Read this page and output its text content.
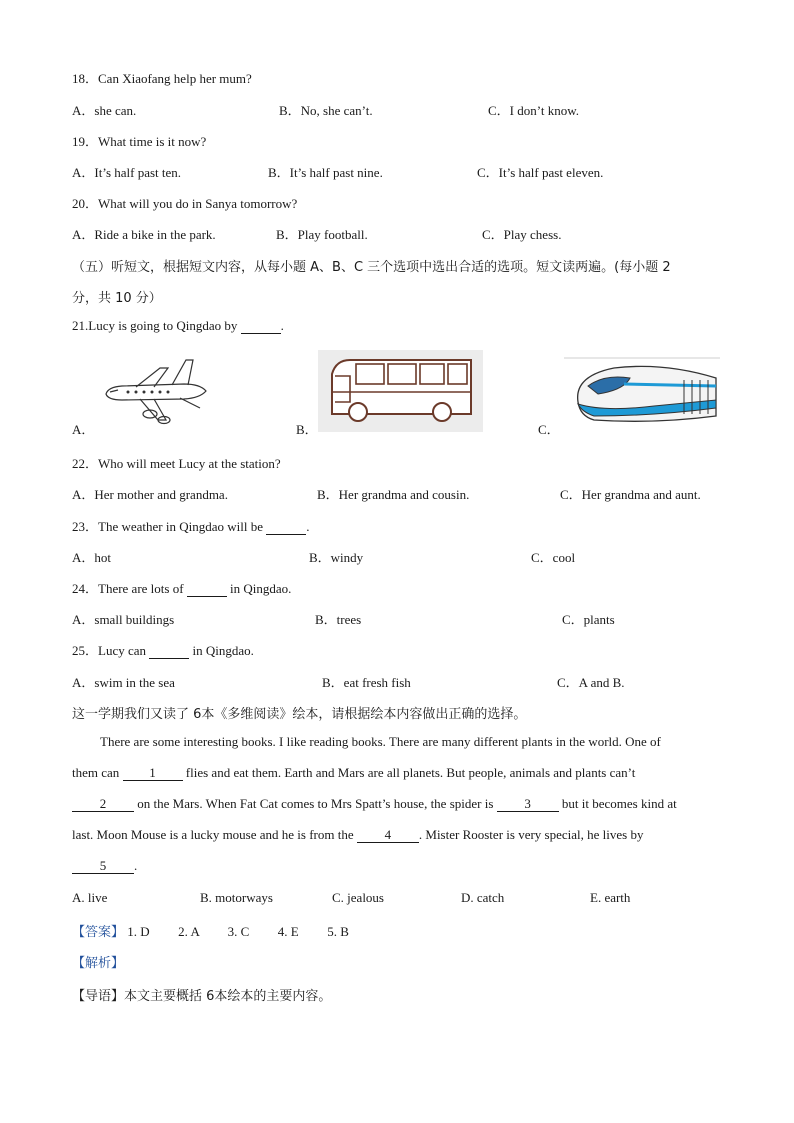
18．Can Xiaofang help her mum?
A．she can.	B．No, she can’t.	C．I don’t know.
19．What time is it now?
A．It’s half past ten.	B．It’s half past nine.	C．It’s half past eleven.
20．What will you do in Sanya tomorrow?
A．Ride a bike in the park.	B．Play football.	C．Play chess.
（五）听短文，根据短文内容，从每小题 A、B、C 三个选项中选出合适的选项。短文读两遍。(每小题 2
分，共 10 分）
21.Lucy is going to Qingdao by	.
A．	B．	C．
22．Who will meet Lucy at the station?
A．Her mother and grandma.	B．Her grandma and cousin.	C．Her grandma and aunt.
23．The weather in Qingdao will be	.
A．hot	B．windy	C．cool
24．There are lots of	in Qingdao.
A．small buildings	B．trees	C．plants
25．Lucy can	in Qingdao.
A．swim in the sea	B．eat fresh fish	C．A and B.
这一学期我们又读了 6本《多维阅读》绘本，请根据绘本内容做出正确的选择。
There are some interesting books. I like reading books. There are many different plants in the world. One of
them can 1 flies and eat them. Earth and Mars are all planets. But people, animals and plants can’t
2 on the Mars. When Fat Cat comes to Mrs Spatt’s house, the spider is 3 but it becomes kind at
last. Moon Mouse is a lucky mouse and he is from the 4 . Mister Rooster is very special, he lives by
5 .
A. live	B. motorways	C. jealous	D. catch	E. earth
【答案】 1. D 2. A 3. C 4. E 5. B
【解析】
【导语】本文主要概括 6本绘本的主要内容。
